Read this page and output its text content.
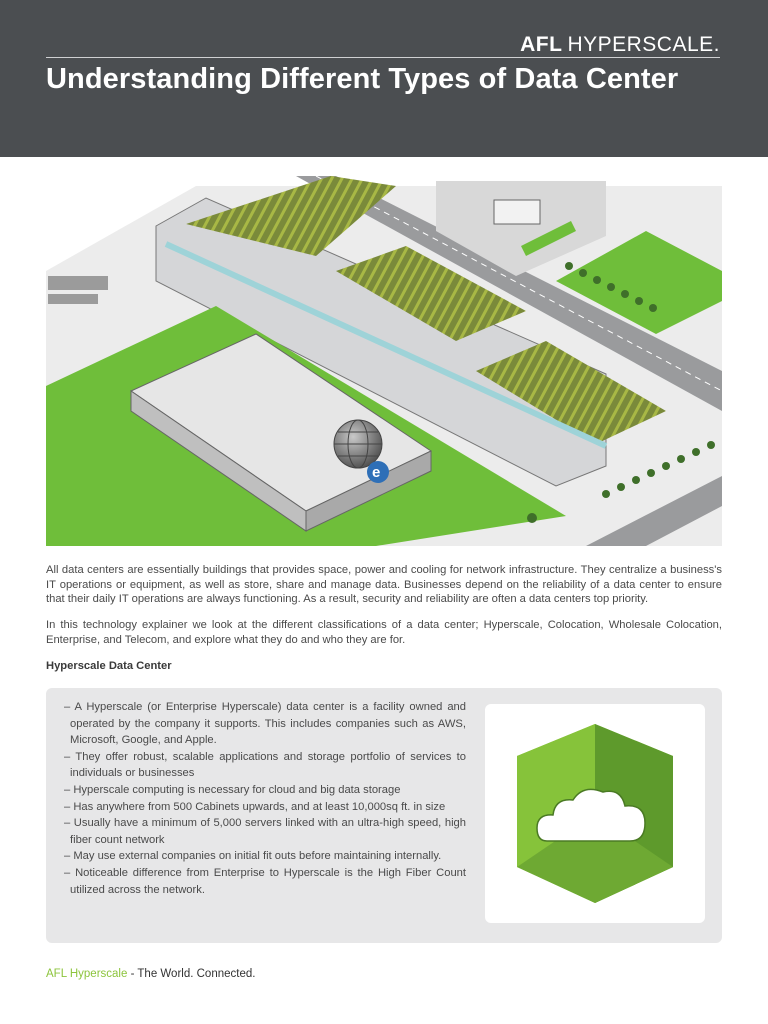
AFL HYPERSCALE.
Understanding Different Types of Data Center
e

All data centers are essentially buildings that provides space, power and cooling for network infrastructure. They centralize a business's IT operations or equipment, as well as store, share and manage data. Businesses depend on the reliability of a data center to ensure that their daily IT operations are always functioning. As a result, security and reliability are often a data centers top priority.

In this technology explainer we look at the different classifications of a data center; Hyperscale, Colocation, Wholesale Colocation, Enterprise, and Telecom, and explore what they do and who they are for.

Hyperscale Data Center
– A Hyperscale (or Enterprise Hyperscale) data center is a facility owned and operated by the company it supports. This includes companies such as AWS, Microsoft, Google, and Apple.
– They offer robust, scalable applications and storage portfolio of services to individuals or businesses
– Hyperscale computing is necessary for cloud and big data storage
– Has anywhere from 500 Cabinets upwards, and at least 10,000sq ft. in size
– Usually have a minimum of 5,000 servers linked with an ultra-high speed, high fiber count network
– May use external companies on initial fit outs before maintaining internally.
– Noticeable difference from Enterprise to Hyperscale is the High Fiber Count utilized across the network.

AFL Hyperscale - The World. Connected.
